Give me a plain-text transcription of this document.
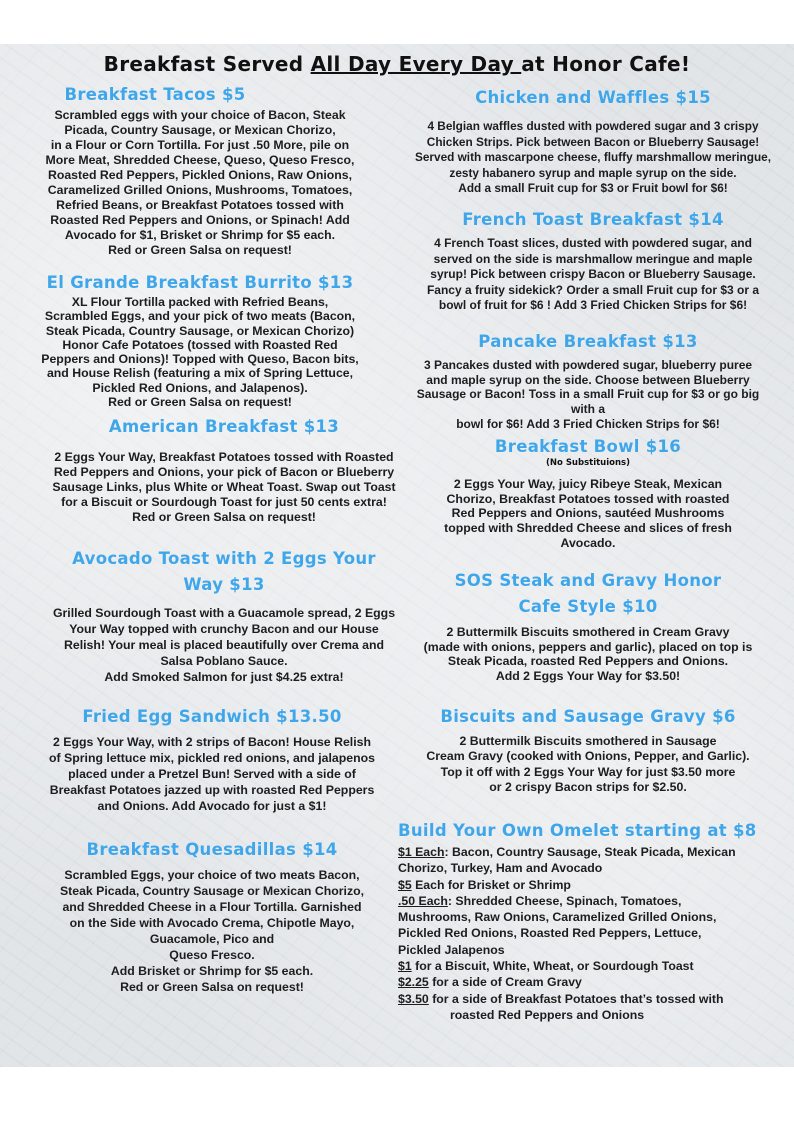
Breakfast Served All Day Every Day at Honor Cafe!
Breakfast Tacos $5
Scrambled eggs with your choice of Bacon, Steak
Picada, Country Sausage, or Mexican Chorizo,
in a Flour or Corn Tortilla. For just .50 More, pile on
More Meat, Shredded Cheese, Queso, Queso Fresco,
Roasted Red Peppers, Pickled Onions, Raw Onions,
Caramelized Grilled Onions, Mushrooms, Tomatoes,
Refried Beans, or Breakfast Potatoes tossed with
Roasted Red Peppers and Onions, or Spinach! Add
Avocado for $1, Brisket or Shrimp for $5 each.
Red or Green Salsa on request!
El Grande Breakfast Burrito $13
XL Flour Tortilla packed with Refried Beans,
Scrambled Eggs, and your pick of two meats (Bacon,
Steak Picada, Country Sausage, or Mexican Chorizo)
Honor Cafe Potatoes (tossed with Roasted Red
Peppers and Onions)! Topped with Queso, Bacon bits,
and House Relish (featuring a mix of Spring Lettuce,
Pickled Red Onions, and Jalapenos).
Red or Green Salsa on request!
American Breakfast $13
2 Eggs Your Way, Breakfast Potatoes tossed with Roasted
Red Peppers and Onions, your pick of Bacon or Blueberry
Sausage Links, plus White or Wheat Toast. Swap out Toast
for a Biscuit or Sourdough Toast for just 50 cents extra!
Red or Green Salsa on request!
Avocado Toast with 2 Eggs Your
Way $13
Grilled Sourdough Toast with a Guacamole spread, 2 Eggs
Your Way topped with crunchy Bacon and our House
Relish! Your meal is placed beautifully over Crema and
Salsa Poblano Sauce.
Add Smoked Salmon for just $4.25 extra!
Fried Egg Sandwich $13.50
2 Eggs Your Way, with 2 strips of Bacon! House Relish
of Spring lettuce mix, pickled red onions, and jalapenos
placed under a Pretzel Bun! Served with a side of
Breakfast Potatoes jazzed up with roasted Red Peppers
and Onions. Add Avocado for just a $1!
Breakfast Quesadillas $14
Scrambled Eggs, your choice of two meats Bacon,
Steak Picada, Country Sausage or Mexican Chorizo,
and Shredded Cheese in a Flour Tortilla. Garnished
on the Side with Avocado Crema, Chipotle Mayo,
Guacamole, Pico and
Queso Fresco.
Add Brisket or Shrimp for $5 each.
Red or Green Salsa on request!
Chicken and Waffles $15
4 Belgian waffles dusted with powdered sugar and 3 crispy
Chicken Strips. Pick between Bacon or Blueberry Sausage!
Served with mascarpone cheese, fluffy marshmallow meringue,
zesty habanero syrup and maple syrup on the side.
Add a small Fruit cup for $3 or Fruit bowl for $6!
French Toast Breakfast $14
4 French Toast slices, dusted with powdered sugar, and
served on the side is marshmallow meringue and maple
syrup! Pick between crispy Bacon or Blueberry Sausage.
Fancy a fruity sidekick? Order a small Fruit cup for $3 or a
bowl of fruit for $6 ! Add 3 Fried Chicken Strips for $6!
Pancake Breakfast $13
3 Pancakes dusted with powdered sugar, blueberry puree
and maple syrup on the side. Choose between Blueberry
Sausage or Bacon! Toss in a small Fruit cup for $3 or go big
with a
bowl for $6! Add 3 Fried Chicken Strips for $6!
Breakfast Bowl $16
(No Substituions)
2 Eggs Your Way, juicy Ribeye Steak, Mexican
Chorizo, Breakfast Potatoes tossed with roasted
Red Peppers and Onions, sautéed Mushrooms
topped with Shredded Cheese and slices of fresh
Avocado.
SOS Steak and Gravy Honor
Cafe Style $10
2 Buttermilk Biscuits smothered in Cream Gravy
(made with onions, peppers and garlic), placed on top is
Steak Picada, roasted Red Peppers and Onions.
Add 2 Eggs Your Way for $3.50!
Biscuits and Sausage Gravy $6
2 Buttermilk Biscuits smothered in Sausage
Cream Gravy (cooked with Onions, Pepper, and Garlic).
Top it off with 2 Eggs Your Way for just $3.50 more
or 2 crispy Bacon strips for $2.50.
Build Your Own Omelet starting at $8
$1 Each: Bacon, Country Sausage, Steak Picada, Mexican
Chorizo, Turkey, Ham and Avocado
$5 Each for Brisket or Shrimp
.50 Each: Shredded Cheese, Spinach, Tomatoes,
Mushrooms, Raw Onions, Caramelized Grilled Onions,
Pickled Red Onions, Roasted Red Peppers, Lettuce,
Pickled Jalapenos
$1 for a Biscuit, White, Wheat, or Sourdough Toast
$2.25 for a side of Cream Gravy
$3.50 for a side of Breakfast Potatoes that’s tossed with
roasted Red Peppers and Onions
